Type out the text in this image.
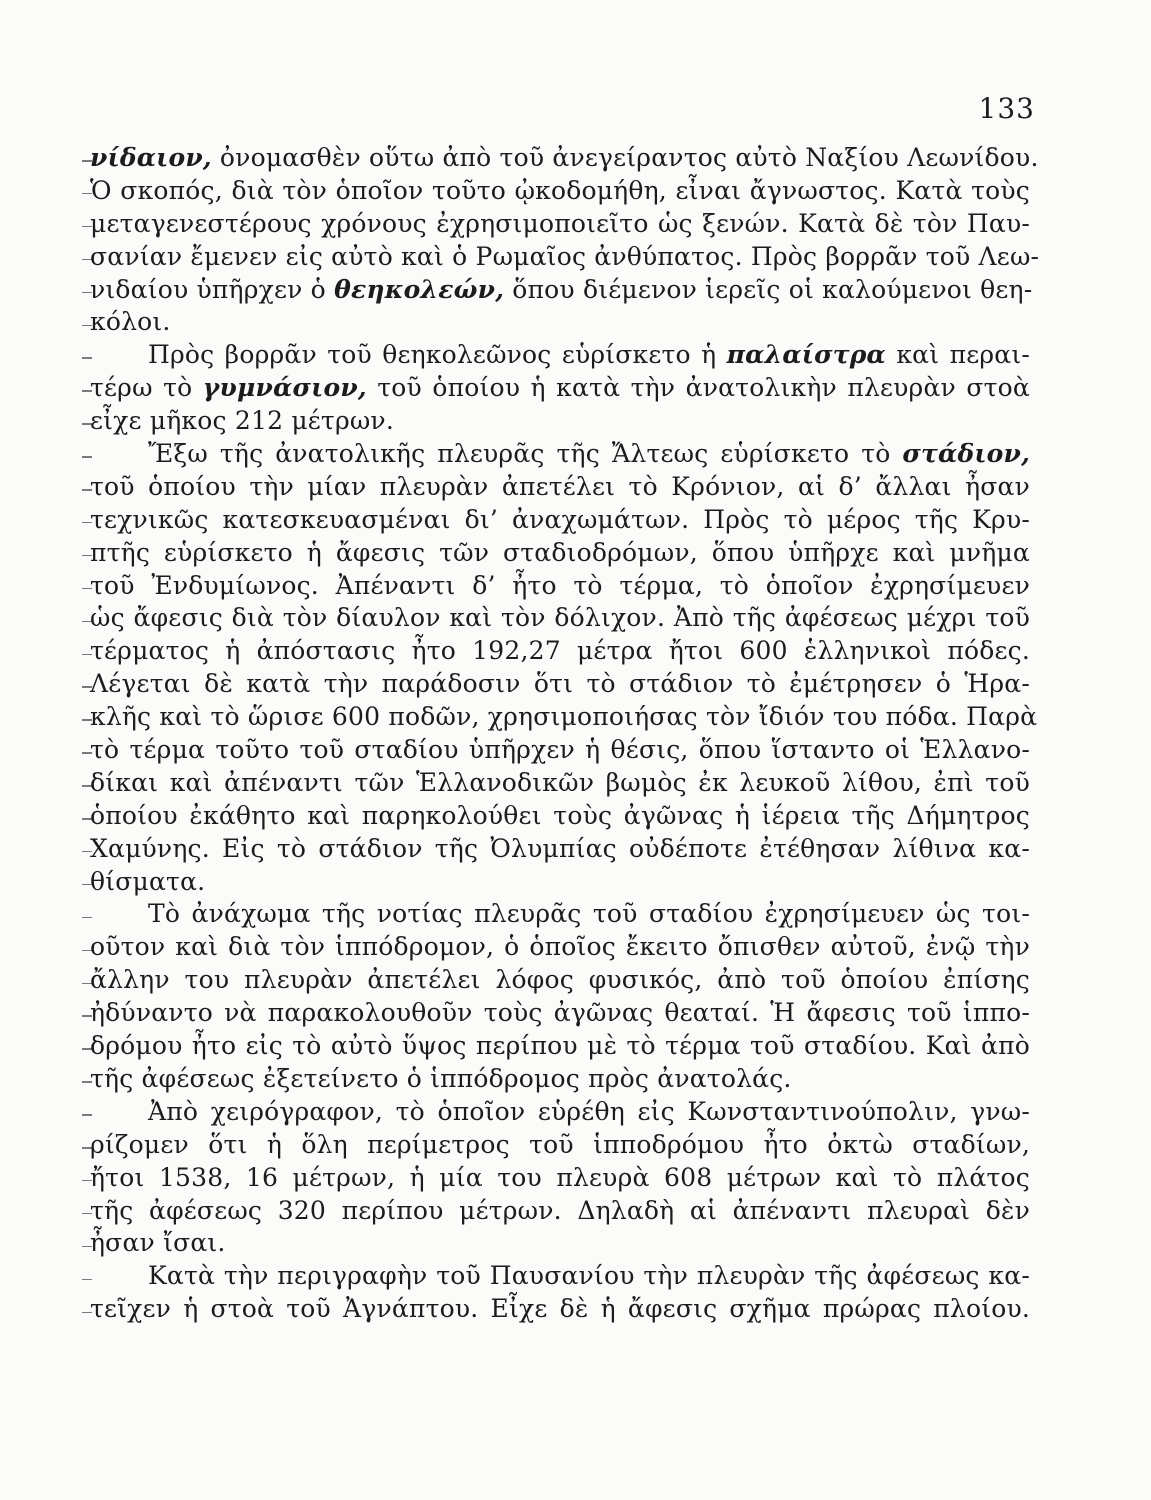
133
νίδαιον, ὀνομασθὲν οὕτω ἀπὸ τοῦ ἀνεγείραντος αὐτὸ Ναξίου Λεωνίδου.
Ὁ σκοπός, διὰ τὸν ὁποῖον τοῦτο ᾠκοδομήθη, εἶναι ἄγνωστος. Κατὰ τοὺς
μεταγενεστέρους χρόνους ἐχρησιμοποιεῖτο ὡς ξενών. Κατὰ δὲ τὸν Παυ-
σανίαν ἔμενεν εἰς αὐτὸ καὶ ὁ Ρωμαῖος ἀνθύπατος. Πρὸς βορρᾶν τοῦ Λεω-
νιδαίου ὑπῆρχεν ὁ θεηκολεών, ὅπου διέμενον ἱερεῖς οἱ καλούμενοι θεη-
κόλοι.
Πρὸς βορρᾶν τοῦ θεηκολεῶνος εὑρίσκετο ἡ παλαίστρα καὶ περαι-
τέρω τὸ γυμνάσιον, τοῦ ὁποίου ἡ κατὰ τὴν ἀνατολικὴν πλευρὰν στοὰ
εἶχε μῆκος 212 μέτρων.
Ἔξω τῆς ἀνατολικῆς πλευρᾶς τῆς Ἄλτεως εὑρίσκετο τὸ στάδιον,
τοῦ ὁποίου τὴν μίαν πλευρὰν ἀπετέλει τὸ Κρόνιον, αἱ δ’ ἄλλαι ἦσαν
τεχνικῶς κατεσκευασμέναι δι’ ἀναχωμάτων. Πρὸς τὸ μέρος τῆς Κρυ-
πτῆς εὑρίσκετο ἡ ἄφεσις τῶν σταδιοδρόμων, ὅπου ὑπῆρχε καὶ μνῆμα
τοῦ Ἐνδυμίωνος. Ἀπέναντι δ’ ἦτο τὸ τέρμα, τὸ ὁποῖον ἐχρησίμευεν
ὡς ἄφεσις διὰ τὸν δίαυλον καὶ τὸν δόλιχον. Ἀπὸ τῆς ἀφέσεως μέχρι τοῦ
τέρματος ἡ ἀπόστασις ἦτο 192,27 μέτρα ἤτοι 600 ἑλληνικοὶ πόδες.
Λέγεται δὲ κατὰ τὴν παράδοσιν ὅτι τὸ στάδιον τὸ ἐμέτρησεν ὁ Ἡρα-
κλῆς καὶ τὸ ὥρισε 600 ποδῶν, χρησιμοποιήσας τὸν ἴδιόν του πόδα. Παρὰ
τὸ τέρμα τοῦτο τοῦ σταδίου ὑπῆρχεν ἡ θέσις, ὅπου ἵσταντο οἱ Ἑλλανο-
δίκαι καὶ ἀπέναντι τῶν Ἑλλανοδικῶν βωμὸς ἐκ λευκοῦ λίθου, ἐπὶ τοῦ
ὁποίου ἐκάθητο καὶ παρηκολούθει τοὺς ἀγῶνας ἡ ἱέρεια τῆς Δήμητρος
Χαμύνης. Εἰς τὸ στάδιον τῆς Ὀλυμπίας οὐδέποτε ἐτέθησαν λίθινα κα-
θίσματα.
Τὸ ἀνάχωμα τῆς νοτίας πλευρᾶς τοῦ σταδίου ἐχρησίμευεν ὡς τοι-
οῦτον καὶ διὰ τὸν ἱππόδρομον, ὁ ὁποῖος ἔκειτο ὄπισθεν αὐτοῦ, ἐνῷ τὴν
ἄλλην του πλευρὰν ἀπετέλει λόφος φυσικός, ἀπὸ τοῦ ὁποίου ἐπίσης
ἠδύναντο νὰ παρακολουθοῦν τοὺς ἀγῶνας θεαταί. Ἡ ἄφεσις τοῦ ἱππο-
δρόμου ἦτο εἰς τὸ αὐτὸ ὕψος περίπου μὲ τὸ τέρμα τοῦ σταδίου. Καὶ ἀπὸ
τῆς ἀφέσεως ἐξετείνετο ὁ ἱππόδρομος πρὸς ἀνατολάς.
Ἀπὸ χειρόγραφον, τὸ ὁποῖον εὑρέθη εἰς Κωνσταντινούπολιν, γνω-
ρίζομεν ὅτι ἡ ὅλη περίμετρος τοῦ ἱπποδρόμου ἦτο ὀκτὼ σταδίων,
ἤτοι 1538, 16 μέτρων, ἡ μία του πλευρὰ 608 μέτρων καὶ τὸ πλάτος
τῆς ἀφέσεως 320 περίπου μέτρων. Δηλαδὴ αἱ ἀπέναντι πλευραὶ δὲν
ἦσαν ἴσαι.
Κατὰ τὴν περιγραφὴν τοῦ Παυσανίου τὴν πλευρὰν τῆς ἀφέσεως κα-
τεῖχεν ἡ στοὰ τοῦ Ἀγνάπτου. Εἶχε δὲ ἡ ἄφεσις σχῆμα πρώρας πλοίου.
